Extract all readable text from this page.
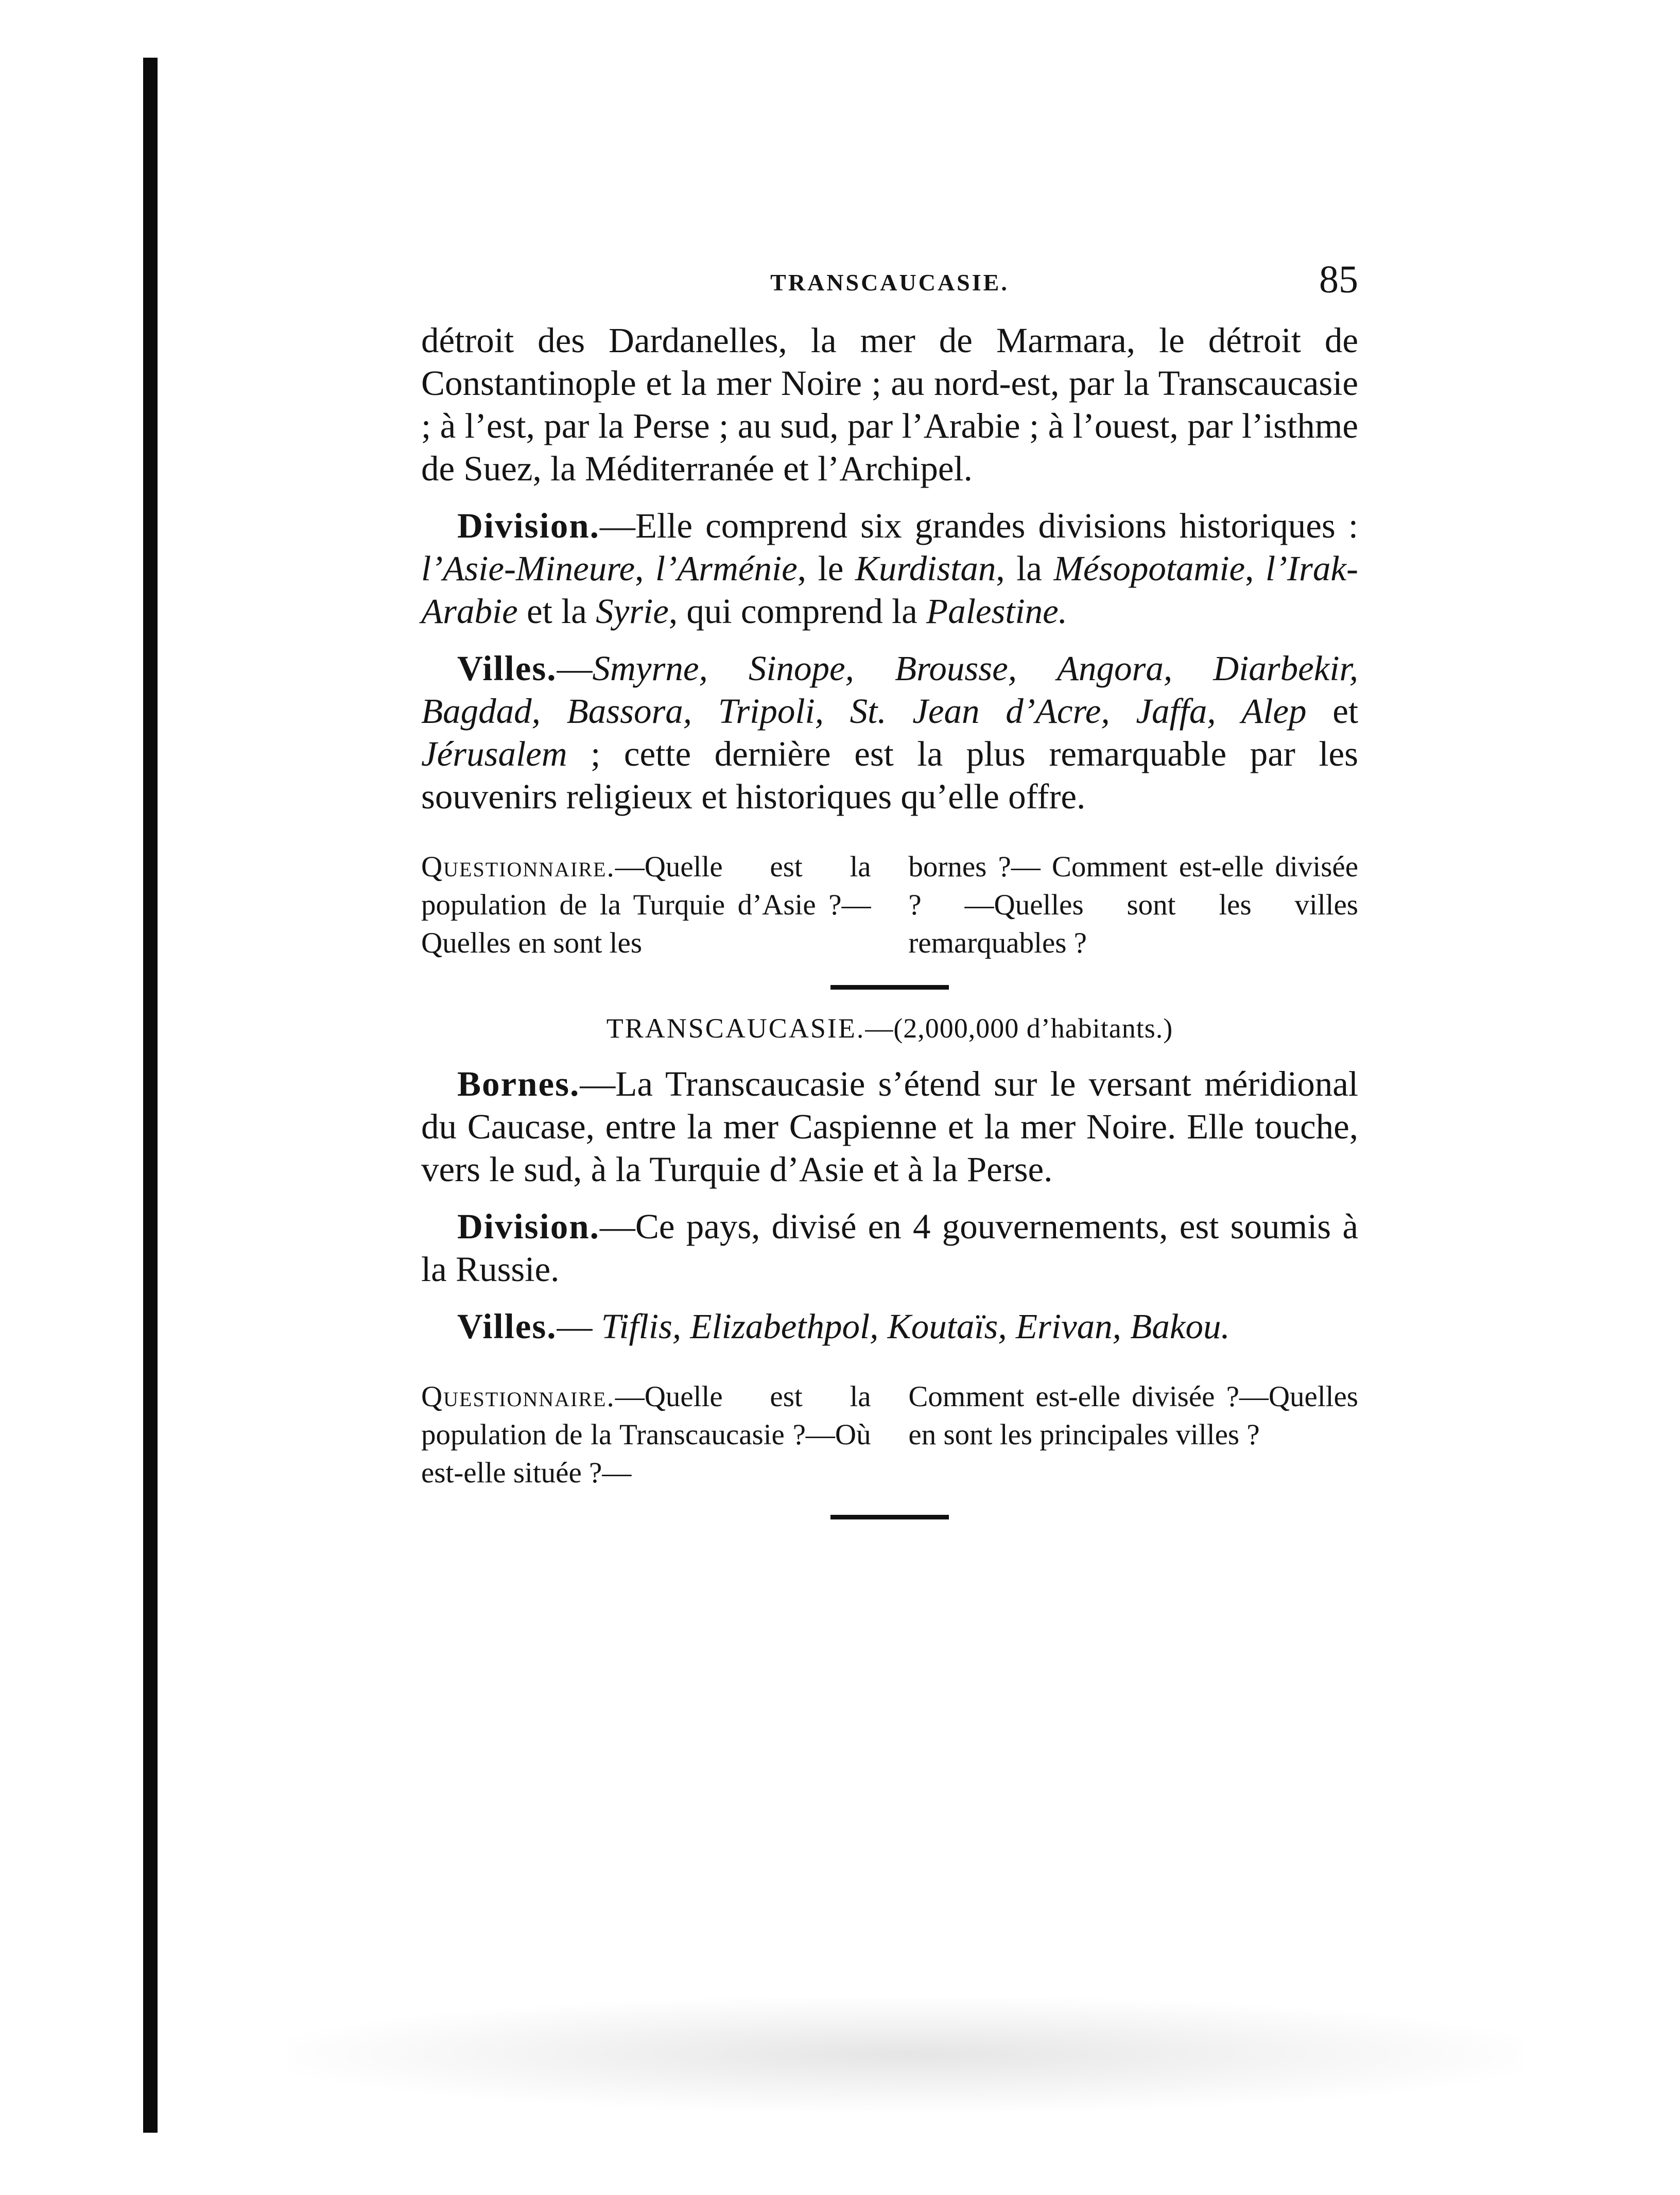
TRANSCAUCASIE.	85

détroit des Dardanelles, la mer de Marmara, le détroit de Constantinople et la mer Noire ; au nord-est, par la Transcaucasie ; à l’est, par la Perse ; au sud, par l’Arabie ; à l’ouest, par l’isthme de Suez, la Méditerranée et l’Archipel.

Division.—Elle comprend six grandes divisions historiques : l’Asie-Mineure, l’Arménie, le Kurdistan, la Mésopotamie, l’Irak-Arabie et la Syrie, qui comprend la Palestine.

Villes.—Smyrne, Sinope, Brousse, Angora, Diarbekir, Bagdad, Bassora, Tripoli, St. Jean d’Acre, Jaffa, Alep et Jérusalem ; cette dernière est la plus remarquable par les souvenirs religieux et historiques qu’elle offre.

Questionnaire.—Quelle est la population de la Turquie d’Asie ?—Quelles en sont les
bornes ?— Comment est-elle divisée ? —Quelles sont les villes remarquables ?
TRANSCAUCASIE.—(2,000,000 d’habitants.)

Bornes.—La Transcaucasie s’étend sur le versant méridional du Caucase, entre la mer Caspienne et la mer Noire. Elle touche, vers le sud, à la Turquie d’Asie et à la Perse.

Division.—Ce pays, divisé en 4 gouvernements, est soumis à la Russie.

Villes.— Tiflis, Elizabethpol, Koutaïs, Erivan, Bakou.

Questionnaire.—Quelle est la population de la Transcaucasie ?—Où est-elle située ?—
Comment est-elle divisée ?—Quelles en sont les principales villes ?
